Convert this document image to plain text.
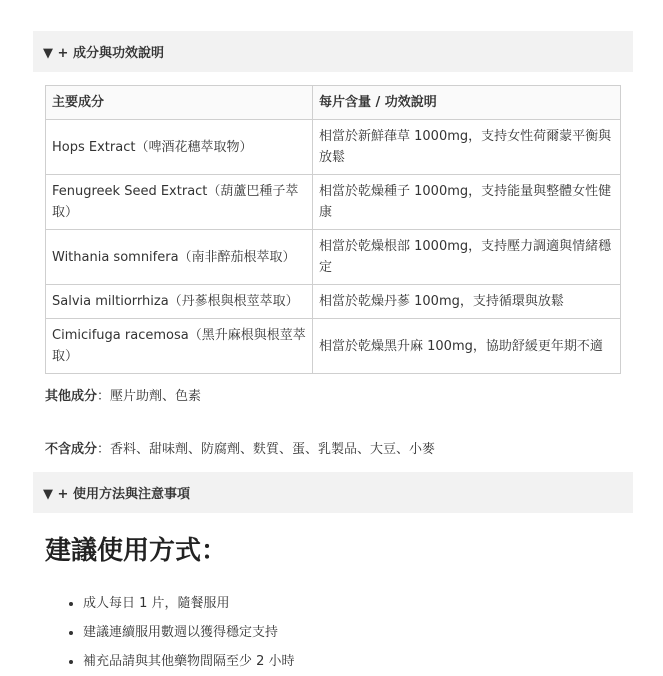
▼ + 成分與功效說明
主要成分	每片含量 / 功效說明
Hops Extract（啤酒花穗萃取物）	相當於新鮮葎草 1000mg，支持女性荷爾蒙平衡與放鬆
Fenugreek Seed Extract（葫蘆巴種子萃取）	相當於乾燥種子 1000mg，支持能量與整體女性健康
Withania somnifera（南非醉茄根萃取）	相當於乾燥根部 1000mg，支持壓力調適與情緒穩定
Salvia miltiorrhiza（丹蔘根與根莖萃取）	相當於乾燥丹蔘 100mg，支持循環與放鬆
Cimicifuga racemosa（黑升麻根與根莖萃取）	相當於乾燥黑升麻 100mg，協助舒緩更年期不適

其他成分：壓片助劑、色素

不含成分：香料、甜味劑、防腐劑、麩質、蛋、乳製品、大豆、小麥

▼ + 使用方法與注意事項
建議使用方式：
• 成人每日 1 片，隨餐服用
• 建議連續服用數週以獲得穩定支持
• 補充品請與其他藥物間隔至少 2 小時
